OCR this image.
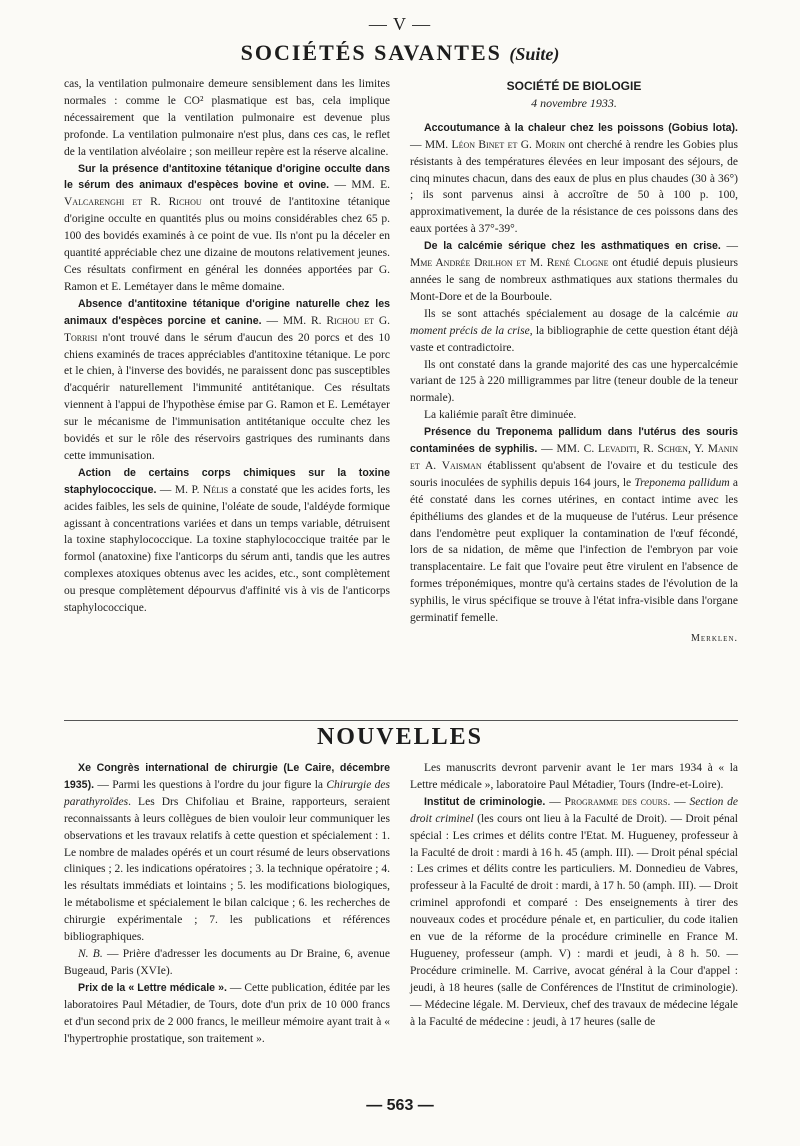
— V —
SOCIÉTÉS SAVANTES (Suite)

cas, la ventilation pulmonaire demeure sensiblement dans les limites normales : comme le CO² plasmatique est bas, cela implique nécessairement que la ventilation pulmonaire est devenue plus profonde. La ventilation pulmonaire n'est plus, dans ces cas, le reflet de la ventilation alvéolaire ; son meilleur repère est la réserve alcaline.

Sur la présence d'antitoxine tétanique d'origine occulte dans le sérum des animaux d'espèces bovine et ovine. — MM. E. Valcarenghi et R. Richou ont trouvé de l'antitoxine tétanique d'origine occulte en quantités plus ou moins considérables chez 65 p. 100 des bovidés examinés à ce point de vue. Ils n'ont pu la déceler en quantité appréciable chez une dizaine de moutons relativement jeunes. Ces résultats confirment en général les données apportées par G. Ramon et E. Lemétayer dans le même domaine.

Absence d'antitoxine tétanique d'origine naturelle chez les animaux d'espèces porcine et canine. — MM. R. Richou et G. Torrisi n'ont trouvé dans le sérum d'aucun des 20 porcs et des 10 chiens examinés de traces appréciables d'antitoxine tétanique. Le porc et le chien, à l'inverse des bovidés, ne paraissent donc pas susceptibles d'acquérir naturellement l'immunité antitétanique. Ces résultats viennent à l'appui de l'hypothèse émise par G. Ramon et E. Lemétayer sur le mécanisme de l'immunisation antitétanique occulte chez les bovidés et sur le rôle des réservoirs gastriques des ruminants dans cette immunisation.

Action de certains corps chimiques sur la toxine staphylococcique. — M. P. Nélis a constaté que les acides forts, les acides faibles, les sels de quinine, l'oléate de soude, l'aldéyde formique agissant à concentrations variées et dans un temps variable, détruisent la toxine staphylococcique. La toxine staphylococcique traitée par le formol (anatoxine) fixe l'anticorps du sérum anti, tandis que les autres complexes atoxiques obtenus avec les acides, etc., sont complètement ou presque complètement dépourvus d'affinité vis à vis de l'anticorps staphylococcique.

SOCIÉTÉ DE BIOLOGIE
4 novembre 1933.

Accoutumance à la chaleur chez les poissons (Gobius lota). — MM. Léon Binet et G. Morin ont cherché à rendre les Gobies plus résistants à des températures élevées en leur imposant des séjours, de cinq minutes chacun, dans des eaux de plus en plus chaudes (30 à 36°) ; ils sont parvenus ainsi à accroître de 50 à 100 p. 100, approximativement, la durée de la résistance de ces poissons dans des eaux portées à 37°-39°.

De la calcémie sérique chez les asthmatiques en crise. — Mme Andrée Drilhon et M. René Clogne ont étudié depuis plusieurs années le sang de nombreux asthmatiques aux stations thermales du Mont-Dore et de la Bourboule.

Ils se sont attachés spécialement au dosage de la calcémie au moment précis de la crise, la bibliographie de cette question étant déjà vaste et contradictoire.

Ils ont constaté dans la grande majorité des cas une hypercalcémie variant de 125 à 220 milligrammes par litre (teneur double de la teneur normale).

La kaliémie paraît être diminuée.

Présence du Treponema pallidum dans l'utérus des souris contaminées de syphilis. — MM. C. Levaditi, R. Schœn, Y. Manin et A. Vaisman établissent qu'absent de l'ovaire et du testicule des souris inoculées de syphilis depuis 164 jours, le Treponema pallidum a été constaté dans les cornes utérines, en contact intime avec les épithéliums des glandes et de la muqueuse de l'utérus. Leur présence dans l'endomètre peut expliquer la contamination de l'œuf fécondé, lors de sa nidation, de même que l'infection de l'embryon par voie transplacentaire. Le fait que l'ovaire peut être virulent en l'absence de formes tréponémiques, montre qu'à certains stades de l'évolution de la syphilis, le virus spécifique se trouve à l'état infra-visible dans l'organe germinatif femelle.

Merklen.
NOUVELLES

Xe Congrès international de chirurgie (Le Caire, décembre 1935). — Parmi les questions à l'ordre du jour figure la Chirurgie des parathyroïdes. Les Drs Chifoliau et Braine, rapporteurs, seraient reconnaissants à leurs collègues de bien vouloir leur communiquer les observations et les travaux relatifs à cette question et spécialement : 1. Le nombre de malades opérés et un court résumé de leurs observations cliniques ; 2. les indications opératoires ; 3. la technique opératoire ; 4. les résultats immédiats et lointains ; 5. les modifications biologiques, le métabolisme et spécialement le bilan calcique ; 6. les recherches de chirurgie expérimentale ; 7. les publications et références bibliographiques.

N. B. — Prière d'adresser les documents au Dr Braine, 6, avenue Bugeaud, Paris (XVIe).

Prix de la « Lettre médicale ». — Cette publication, éditée par les laboratoires Paul Métadier, de Tours, dote d'un prix de 10 000 francs et d'un second prix de 2 000 francs, le meilleur mémoire ayant trait à « l'hypertrophie prostatique, son traitement ».

Les manuscrits devront parvenir avant le 1er mars 1934 à « la Lettre médicale », laboratoire Paul Métadier, Tours (Indre-et-Loire).

Institut de criminologie. — Programme des cours. — Section de droit criminel (les cours ont lieu à la Faculté de Droit). — Droit pénal spécial : Les crimes et délits contre l'Etat. M. Hugueney, professeur à la Faculté de droit : mardi à 16 h. 45 (amph. III). — Droit pénal spécial : Les crimes et délits contre les particuliers. M. Donnedieu de Vabres, professeur à la Faculté de droit : mardi, à 17 h. 50 (amph. III). — Droit criminel approfondi et comparé : Des enseignements à tirer des nouveaux codes et procédure pénale et, en particulier, du code italien en vue de la réforme de la procédure criminelle en France M. Hugueney, professeur (amph. V) : mardi et jeudi, à 8 h. 50. — Procédure criminelle. M. Carrive, avocat général à la Cour d'appel : jeudi, à 18 heures (salle de Conférences de l'Institut de criminologie). — Médecine légale. M. Dervieux, chef des travaux de médecine légale à la Faculté de médecine : jeudi, à 17 heures (salle de

— 563 —
